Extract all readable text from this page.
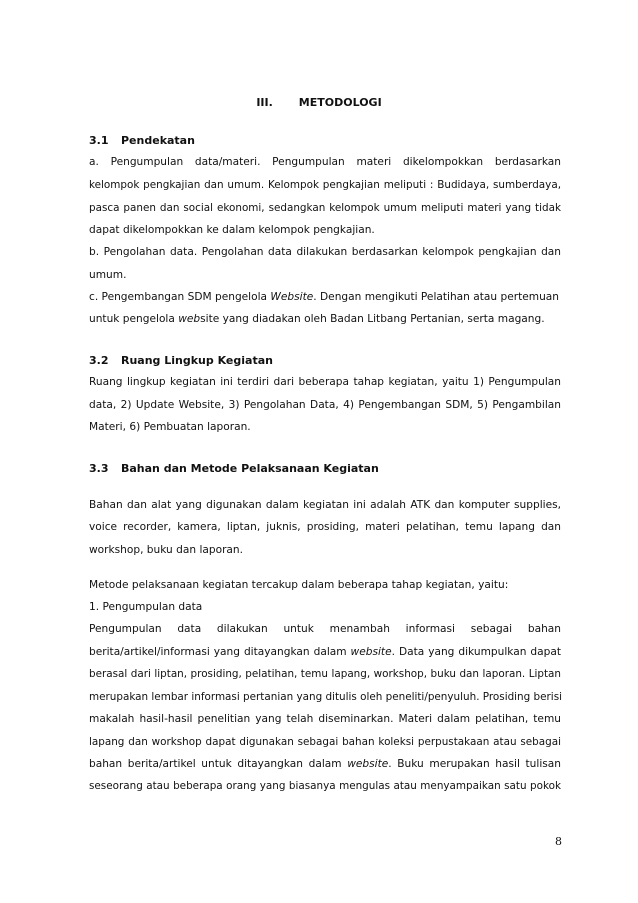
III. METODOLOGI
3.1 Pendekatan
a. Pengumpulan data/materi. Pengumpulan materi dikelompokkan berdasarkan
kelompok pengkajian dan umum. Kelompok pengkajian meliputi : Budidaya, sumberdaya,
pasca panen dan social ekonomi, sedangkan kelompok umum meliputi materi yang tidak
dapat dikelompokkan ke dalam kelompok pengkajian.
b. Pengolahan data. Pengolahan data dilakukan berdasarkan kelompok pengkajian dan
umum.
c. Pengembangan SDM pengelola Website. Dengan mengikuti Pelatihan atau pertemuan
untuk pengelola website yang diadakan oleh Badan Litbang Pertanian, serta magang.
3.2 Ruang Lingkup Kegiatan
Ruang lingkup kegiatan ini terdiri dari beberapa tahap kegiatan, yaitu 1) Pengumpulan
data, 2) Update Website, 3) Pengolahan Data, 4) Pengembangan SDM, 5) Pengambilan
Materi, 6) Pembuatan laporan.
3.3 Bahan dan Metode Pelaksanaan Kegiatan
Bahan dan alat yang digunakan dalam kegiatan ini adalah ATK dan komputer supplies,
voice recorder, kamera, liptan, juknis, prosiding, materi pelatihan, temu lapang dan
workshop, buku dan laporan.
Metode pelaksanaan kegiatan tercakup dalam beberapa tahap kegiatan, yaitu:
1. Pengumpulan data
Pengumpulan data dilakukan untuk menambah informasi sebagai bahan
berita/artikel/informasi yang ditayangkan dalam website. Data yang dikumpulkan dapat
berasal dari liptan, prosiding, pelatihan, temu lapang, workshop, buku dan laporan. Liptan
merupakan lembar informasi pertanian yang ditulis oleh peneliti/penyuluh. Prosiding berisi
makalah hasil-hasil penelitian yang telah diseminarkan. Materi dalam pelatihan, temu
lapang dan workshop dapat digunakan sebagai bahan koleksi perpustakaan atau sebagai
bahan berita/artikel untuk ditayangkan dalam website. Buku merupakan hasil tulisan
seseorang atau beberapa orang yang biasanya mengulas atau menyampaikan satu pokok
8
